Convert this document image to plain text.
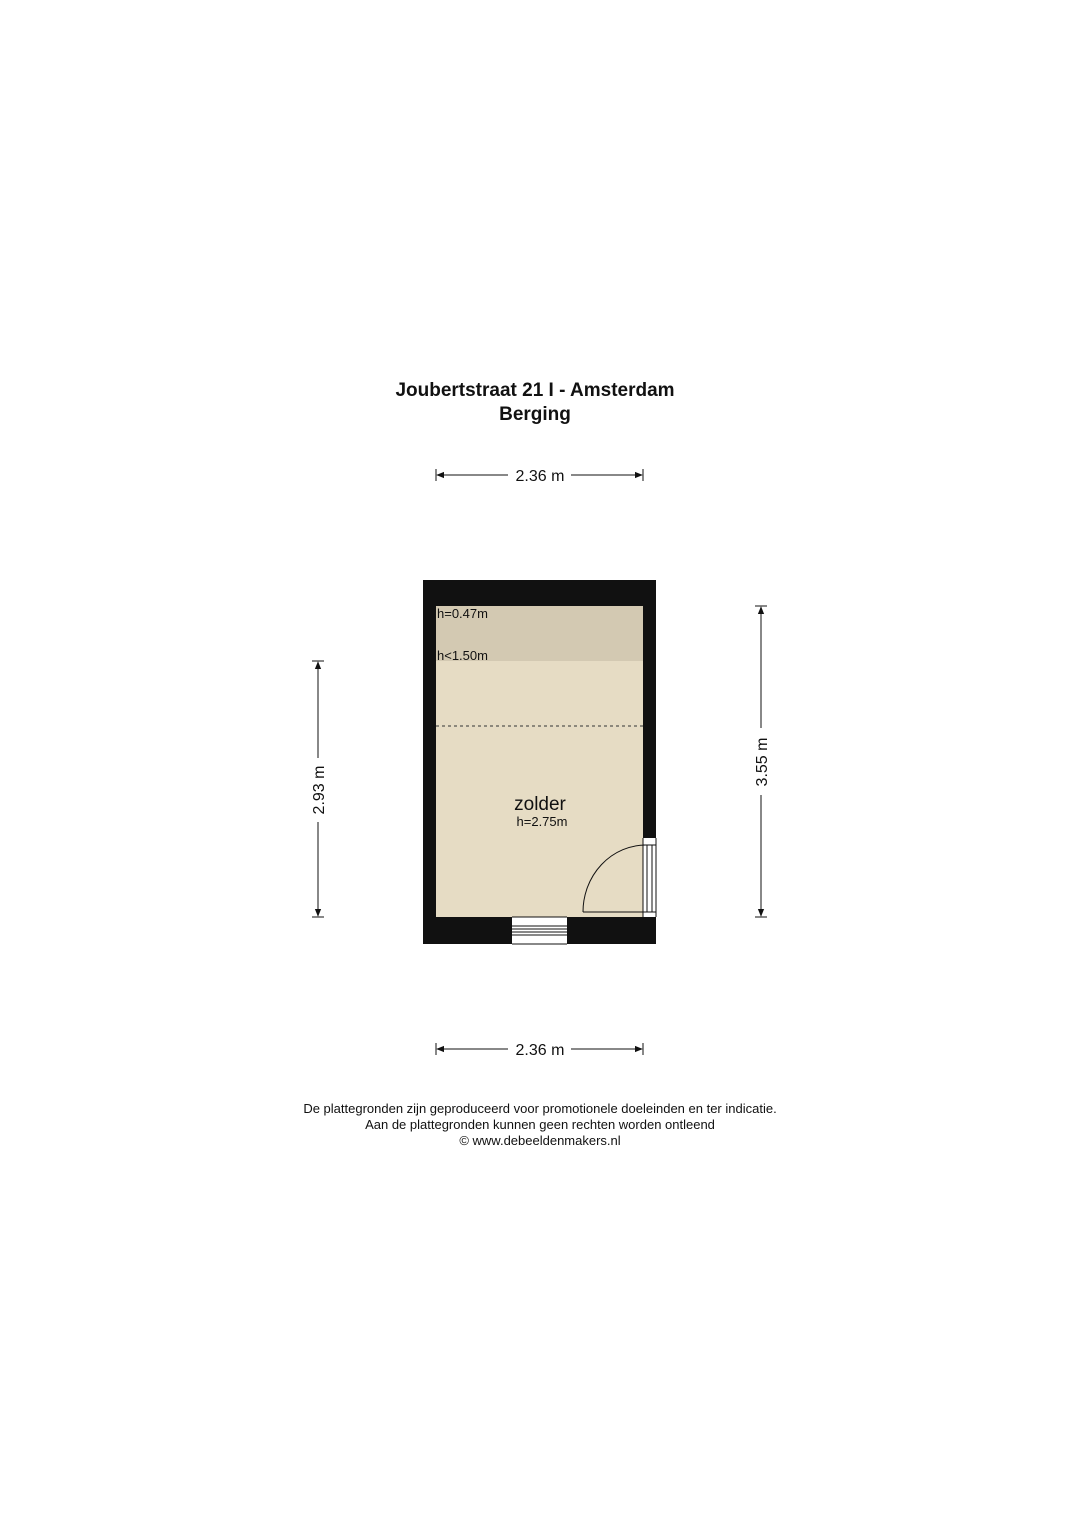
Joubertstraat 21 I - Amsterdam
Berging
2.36 m
h=0.47m
h<1.50m
zolder
h=2.75m
2.93 m
3.55 m
2.36 m
De plattegronden zijn geproduceerd voor promotionele doeleinden en ter indicatie.
Aan de plattegronden kunnen geen rechten worden ontleend
© www.debeeldenmakers.nl
